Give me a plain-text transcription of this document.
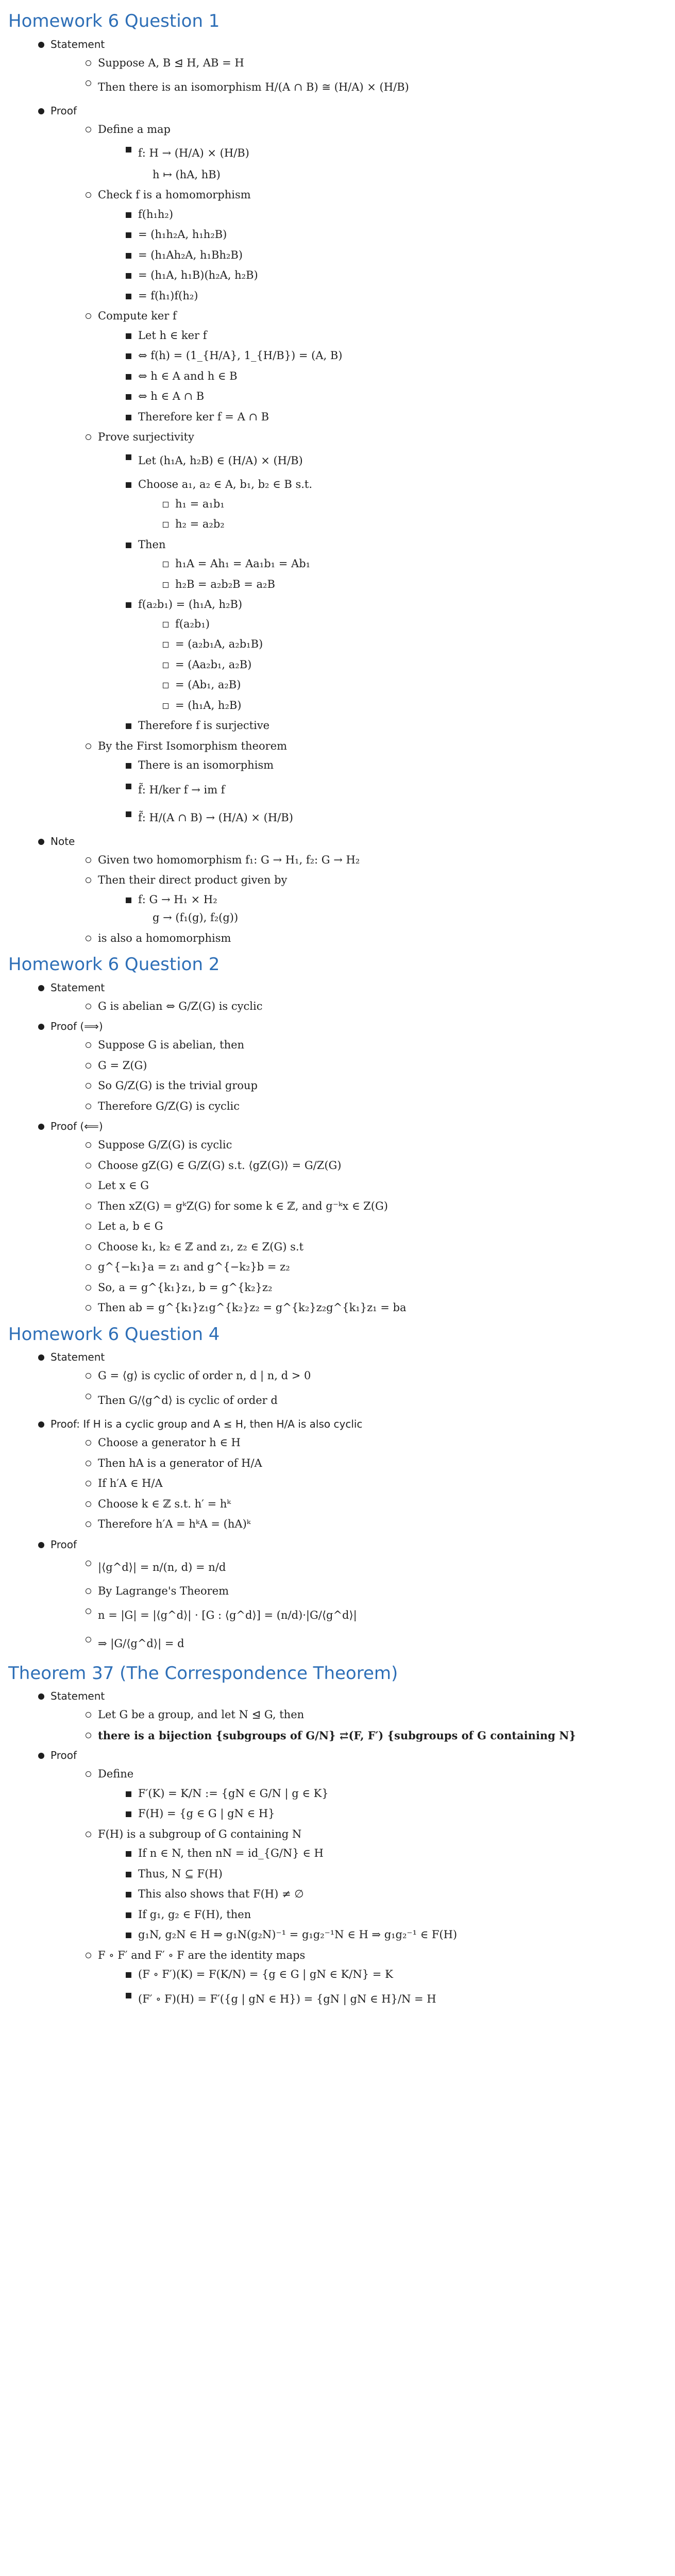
Homework 6 Question 1
Statement
Suppose A, B ⊴ H, AB = H
Then there is an isomorphism H/(A ∩ B) ≅ (H/A) × (H/B)
Proof
Define a map
f: H → (H/A) × (H/B)
h ↦ (hA, hB)
Check f is a homomorphism
f(h₁h₂)
= (h₁h₂A, h₁h₂B)
= (h₁Ah₂A, h₁Bh₂B)
= (h₁A, h₁B)(h₂A, h₂B)
= f(h₁)f(h₂)
Compute ker f
Let h ∈ ker f
⇔ f(h) = (1_{H/A}, 1_{H/B}) = (A, B)
⇔ h ∈ A and h ∈ B
⇔ h ∈ A ∩ B
Therefore ker f = A ∩ B
Prove surjectivity
Let (h₁A, h₂B) ∈ (H/A) × (H/B)
Choose a₁, a₂ ∈ A, b₁, b₂ ∈ B s.t.
h₁ = a₁b₁
h₂ = a₂b₂
Then
h₁A = Ah₁ = Aa₁b₁ = Ab₁
h₂B = a₂b₂B = a₂B
f(a₂b₁) = (h₁A, h₂B)
f(a₂b₁)
= (a₂b₁A, a₂b₁B)
= (Aa₂b₁, a₂B)
= (Ab₁, a₂B)
= (h₁A, h₂B)
Therefore f is surjective
By the First Isomorphism theorem
There is an isomorphism
f̃: H/ker f → im f
f̃: H/(A ∩ B) → (H/A) × (H/B)
Note
Given two homomorphism f₁: G → H₁, f₂: G → H₂
Then their direct product given by
f: G → H₁ × H₂
g → (f₁(g), f₂(g))
is also a homomorphism
Homework 6 Question 2
Statement
G is abelian ⇔ G/Z(G) is cyclic
Proof (⟹)
Suppose G is abelian, then
G = Z(G)
So G/Z(G) is the trivial group
Therefore G/Z(G) is cyclic
Proof (⟸)
Suppose G/Z(G) is cyclic
Choose gZ(G) ∈ G/Z(G) s.t. ⟨gZ(G)⟩ = G/Z(G)
Let x ∈ G
Then xZ(G) = gᵏZ(G) for some k ∈ ℤ, and g⁻ᵏx ∈ Z(G)
Let a, b ∈ G
Choose k₁, k₂ ∈ ℤ and z₁, z₂ ∈ Z(G) s.t
g^{−k₁}a = z₁ and g^{−k₂}b = z₂
So, a = g^{k₁}z₁, b = g^{k₂}z₂
Then ab = g^{k₁}z₁g^{k₂}z₂ = g^{k₂}z₂g^{k₁}z₁ = ba
Homework 6 Question 4
Statement
G = ⟨g⟩ is cyclic of order n, d | n, d > 0
Then G/⟨g^d⟩ is cyclic of order d
Proof: If H is a cyclic group and A ≤ H, then H/A is also cyclic
Choose a generator h ∈ H
Then hA is a generator of H/A
If h′A ∈ H/A
Choose k ∈ ℤ s.t. h′ = hᵏ
Therefore h′A = hᵏA = (hA)ᵏ
Proof
|⟨g^d⟩| = n/(n, d) = n/d
By Lagrange's Theorem
n = |G| = |⟨g^d⟩| · [G : ⟨g^d⟩] = (n/d)·|G/⟨g^d⟩|
⇒ |G/⟨g^d⟩| = d
Theorem 37 (The Correspondence Theorem)
Statement
Let G be a group, and let N ⊴ G, then
there is a bijection {subgroups of G/N} ⇄(F, F′) {subgroups of G containing N}
Proof
Define
F′(K) = K/N := {gN ∈ G/N | g ∈ K}
F(H) = {g ∈ G | gN ∈ H}
F(H) is a subgroup of G containing N
If n ∈ N, then nN = id_{G/N} ∈ H
Thus, N ⊆ F(H)
This also shows that F(H) ≠ ∅
If g₁, g₂ ∈ F(H), then
g₁N, g₂N ∈ H ⇒ g₁N(g₂N)⁻¹ = g₁g₂⁻¹N ∈ H ⇒ g₁g₂⁻¹ ∈ F(H)
F ∘ F′ and F′ ∘ F are the identity maps
(F ∘ F′)(K) = F(K/N) = {g ∈ G | gN ∈ K/N} = K
(F′ ∘ F)(H) = F′({g | gN ∈ H}) = {gN | gN ∈ H}/N = H
